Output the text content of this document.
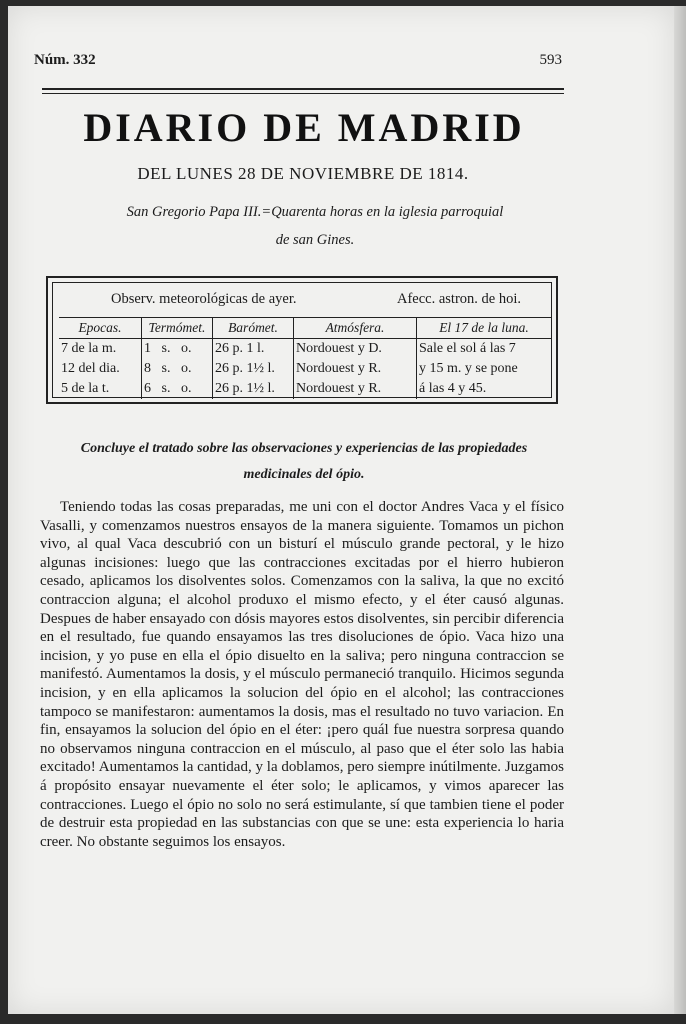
Núm. 332	593
DIARIO DE MADRID
DEL LUNES 28 DE NOVIEMBRE DE 1814.
San Gregorio Papa III.=Quarenta horas en la iglesia parroquial
de san Gines.
Observ. meteorológicas de ayer.	Afecc. astron. de hoi.
Epocas.	Termómet.	Barómet.	Atmósfera.	El 17 de la luna.
7 de la m.	1   s.   o.	26 p. 1 l.	Nordouest y D.	Sale el sol á las 7
12 del dia.	8   s.   o.	26 p. 1½ l.	Nordouest y R.	y 15 m. y se pone
5 de la t.	6   s.   o.	26 p. 1½ l.	Nordouest y R.	á las 4 y 45.
Concluye el tratado sobre las observaciones y experiencias de las propiedades
medicinales del ópio.

Teniendo todas las cosas preparadas, me uni con el doctor Andres Vaca y el físico Vasalli, y comenzamos nuestros ensayos de la manera siguiente. Tomamos un pichon vivo, al qual Vaca descubrió con un bisturí el músculo grande pectoral, y le hizo algunas incisiones: luego que las contracciones excitadas por el hierro hubieron cesado, aplicamos los disolventes solos. Comenzamos con la saliva, la que no excitó contraccion alguna; el alcohol produxo el mismo efecto, y el éter causó algunas. Despues de haber ensayado con dósis mayores estos disolventes, sin percibir diferencia en el resultado, fue quando ensayamos las tres disoluciones de ópio. Vaca hizo una incision, y yo puse en ella el ópio disuelto en la saliva; pero ninguna contraccion se manifestó. Aumentamos la dosis, y el músculo permaneció tranquilo. Hicimos segunda incision, y en ella aplicamos la solucion del ópio en el alcohol; las contracciones tampoco se manifestaron: aumentamos la dosis, mas el resultado no tuvo variacion. En fin, ensayamos la solucion del ópio en el éter: ¡pero quál fue nuestra sorpresa quando no observamos ninguna contraccion en el músculo, al paso que el éter solo las habia excitado! Aumentamos la cantidad, y la doblamos, pero siempre inútilmente. Juzgamos á propósito ensayar nuevamente el éter solo; le aplicamos, y vimos aparecer las contracciones. Luego el ópio no solo no será estimulante, sí que tambien tiene el poder de destruir esta propiedad en las substancias con que se une: esta experiencia lo haria creer. No obstante seguimos los ensayos.
